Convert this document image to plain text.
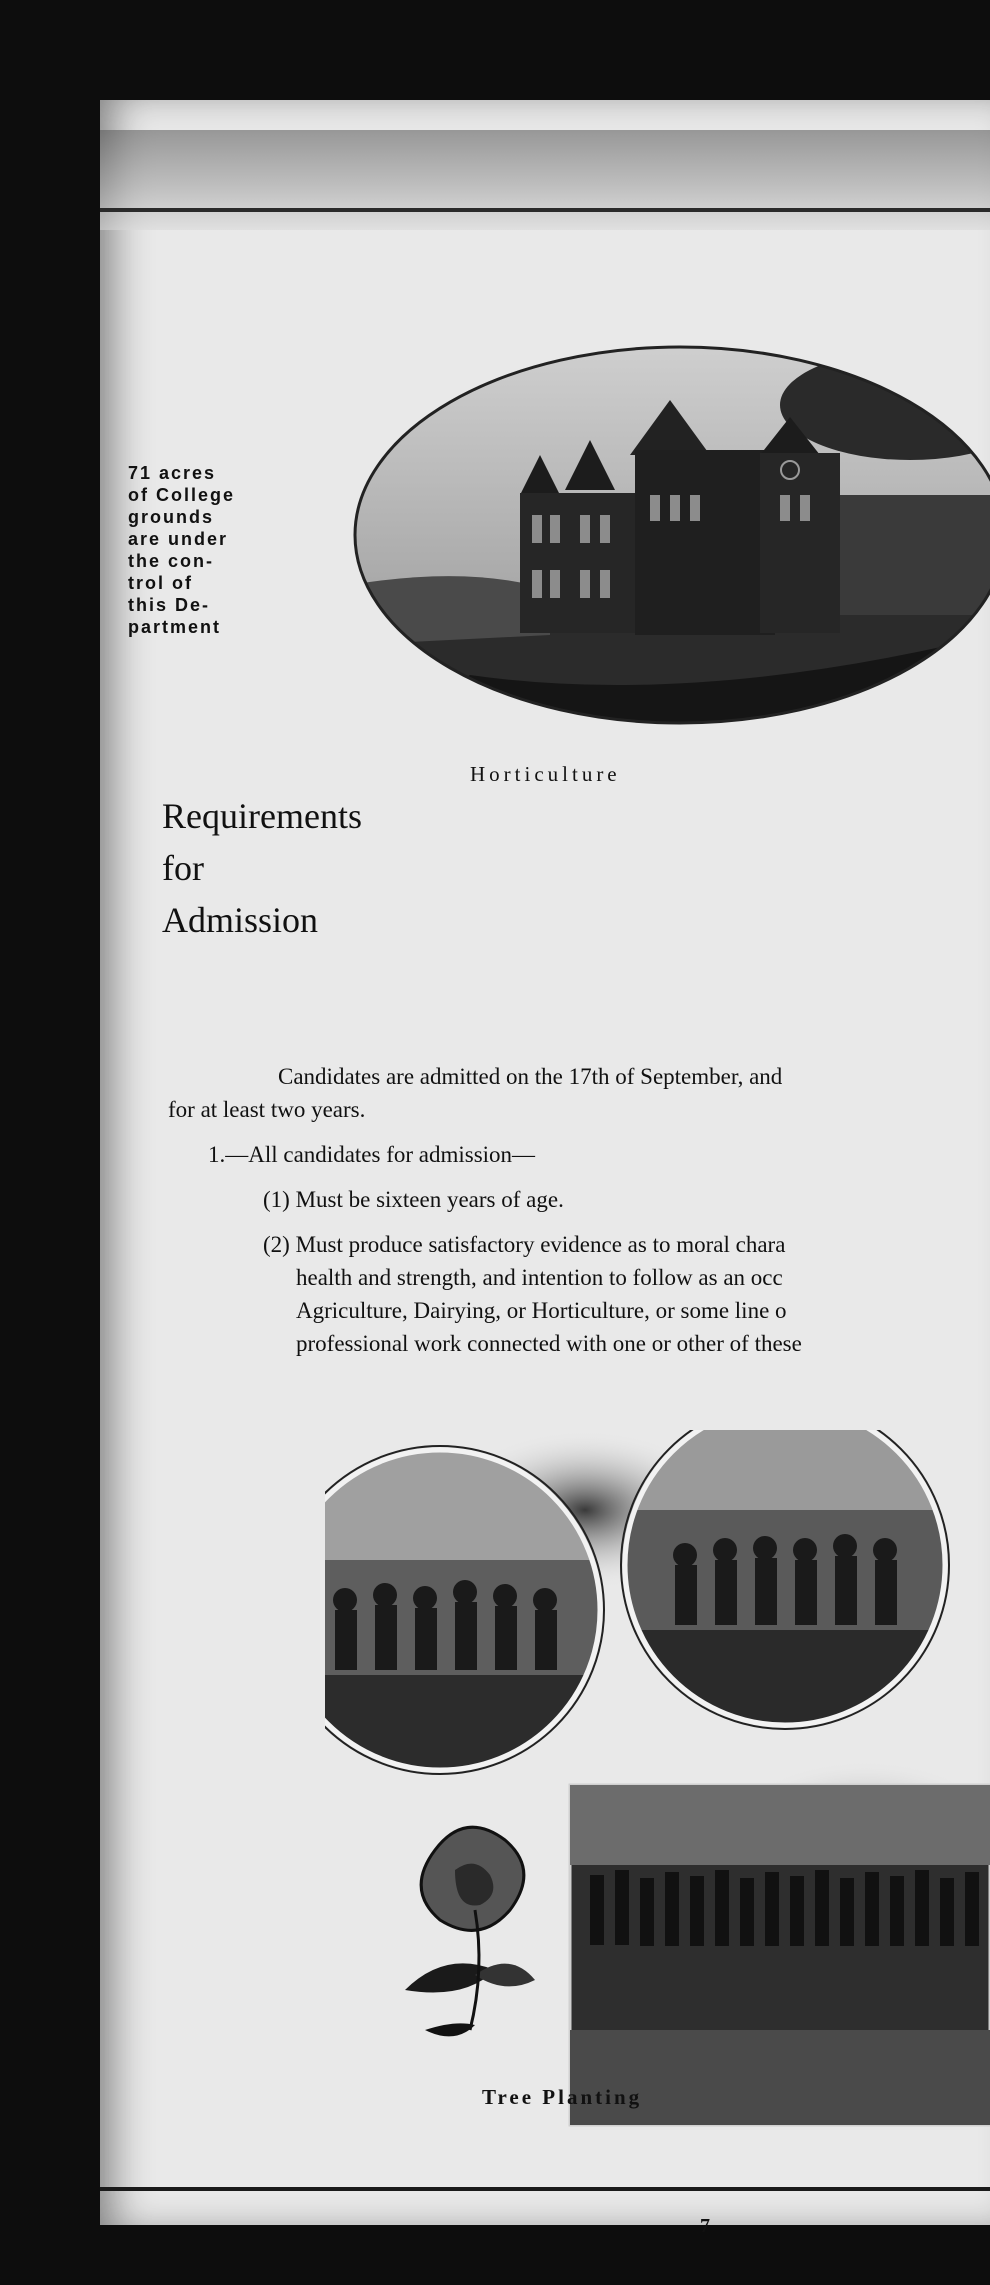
71 acres
of College
grounds
are under
the con-
trol of
this De-
partment
Horticulture
Requirements
for
Admission
Candidates are admitted on the 17th of September, and
for at least two years.
1.—All candidates for admission—
(1) Must be sixteen years of age.
(2) Must produce satisfactory evidence as to moral chara
health and strength, and intention to follow as an occ
Agriculture, Dairying, or Horticulture, or some line o
professional work connected with one or other of these
Tree Planting
7
